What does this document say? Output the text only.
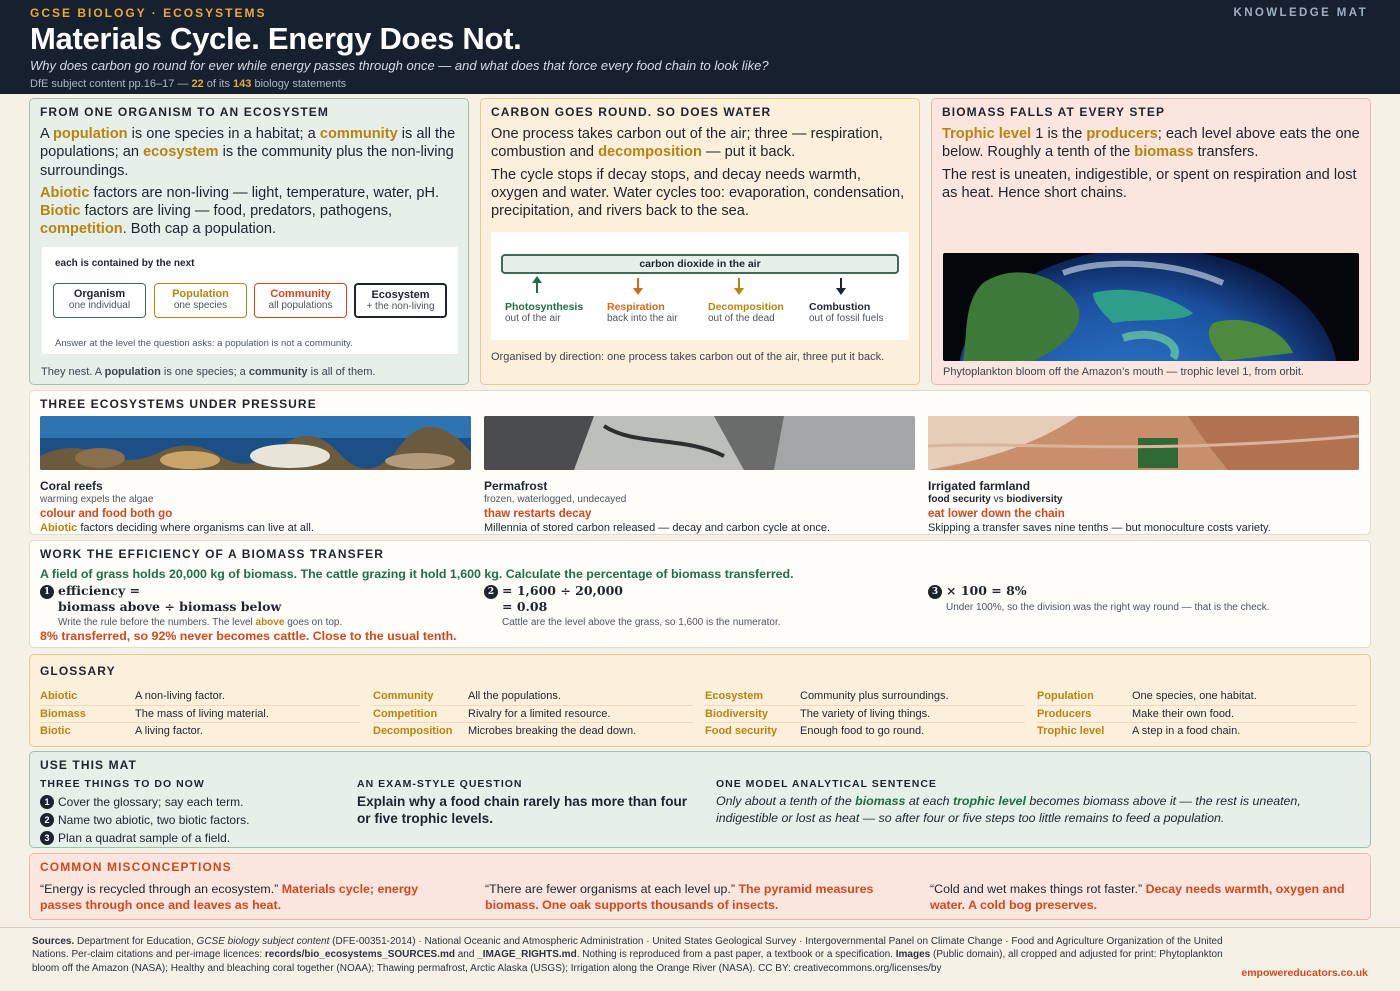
GCSE BIOLOGY · ECOSYSTEMS	KNOWLEDGE MAT
Materials Cycle. Energy Does Not.
Why does carbon go round for ever while energy passes through once — and what does that force every food chain to look like?
DfE subject content pp.16–17 — 22 of its 143 biology statements
FROM ONE ORGANISM TO AN ECOSYSTEM
A population is one species in a habitat; a community is all the populations; an ecosystem is the community plus the non-living surroundings.
Abiotic factors are non-living — light, temperature, water, pH. Biotic factors are living — food, predators, pathogens, competition. Both cap a population.
each is contained by the next
Organism
one individual
Population
one species
Community
all populations
Ecosystem
+ the non-living
Answer at the level the question asks: a population is not a community.
They nest. A population is one species; a community is all of them.
CARBON GOES ROUND. SO DOES WATER
One process takes carbon out of the air; three — respiration, combustion and decomposition — put it back.
The cycle stops if decay stops, and decay needs warmth, oxygen and water. Water cycles too: evaporation, condensation, precipitation, and rivers back to the sea.
carbon dioxide in the air
Photosynthesis
out of the air
Respiration
back into the air
Decomposition
out of the dead
Combustion
out of fossil fuels
Organised by direction: one process takes carbon out of the air, three put it back.
BIOMASS FALLS AT EVERY STEP
Trophic level 1 is the producers; each level above eats the one below. Roughly a tenth of the biomass transfers.
The rest is uneaten, indigestible, or spent on respiration and lost as heat. Hence short chains.
Phytoplankton bloom off the Amazon’s mouth — trophic level 1, from orbit.
THREE ECOSYSTEMS UNDER PRESSURE
Coral reefs
warming expels the algae
colour and food both go
Abiotic factors deciding where organisms can live at all.
Permafrost
frozen, waterlogged, undecayed
thaw restarts decay
Millennia of stored carbon released — decay and carbon cycle at once.
Irrigated farmland
food security vs biodiversity
eat lower down the chain
Skipping a transfer saves nine tenths — but monoculture costs variety.
WORK THE EFFICIENCY OF A BIOMASS TRANSFER
A field of grass holds 20,000 kg of biomass. The cattle grazing it hold 1,600 kg. Calculate the percentage of biomass transferred.
1 efficiency =
biomass above ÷ biomass below
Write the rule before the numbers. The level above goes on top.
2 = 1,600 ÷ 20,000
= 0.08
Cattle are the level above the grass, so 1,600 is the numerator.
3 × 100 = 8%
Under 100%, so the division was the right way round — that is the check.
8% transferred, so 92% never becomes cattle. Close to the usual tenth.
GLOSSARY
Abiotic	A non-living factor.
Biomass	The mass of living material.
Biotic	A living factor.
Community	All the populations.
Competition	Rivalry for a limited resource.
Decomposition	Microbes breaking the dead down.
Ecosystem	Community plus surroundings.
Biodiversity	The variety of living things.
Food security	Enough food to go round.
Population	One species, one habitat.
Producers	Make their own food.
Trophic level	A step in a food chain.
USE THIS MAT
THREE THINGS TO DO NOW
1 Cover the glossary; say each term.
2 Name two abiotic, two biotic factors.
3 Plan a quadrat sample of a field.
AN EXAM-STYLE QUESTION
Explain why a food chain rarely has more than four or five trophic levels.
ONE MODEL ANALYTICAL SENTENCE
Only about a tenth of the biomass at each trophic level becomes biomass above it — the rest is uneaten, indigestible or lost as heat — so after four or five steps too little remains to feed a population.
COMMON MISCONCEPTIONS
“Energy is recycled through an ecosystem.” Materials cycle; energy passes through once and leaves as heat.
“There are fewer organisms at each level up.” The pyramid measures biomass. One oak supports thousands of insects.
“Cold and wet makes things rot faster.” Decay needs warmth, oxygen and water. A cold bog preserves.
Sources. Department for Education, GCSE biology subject content (DFE-00351-2014) · National Oceanic and Atmospheric Administration · United States Geological Survey · Intergovernmental Panel on Climate Change · Food and Agriculture Organization of the United Nations. Per-claim citations and per-image licences: records/bio_ecosystems_SOURCES.md and _IMAGE_RIGHTS.md. Nothing is reproduced from a past paper, a textbook or a specification. Images (Public domain), all cropped and adjusted for print: Phytoplankton bloom off the Amazon (NASA); Healthy and bleaching coral together (NOAA); Thawing permafrost, Arctic Alaska (USGS); Irrigation along the Orange River (NASA). CC BY: creativecommons.org/licenses/by	empowereducators.co.uk
